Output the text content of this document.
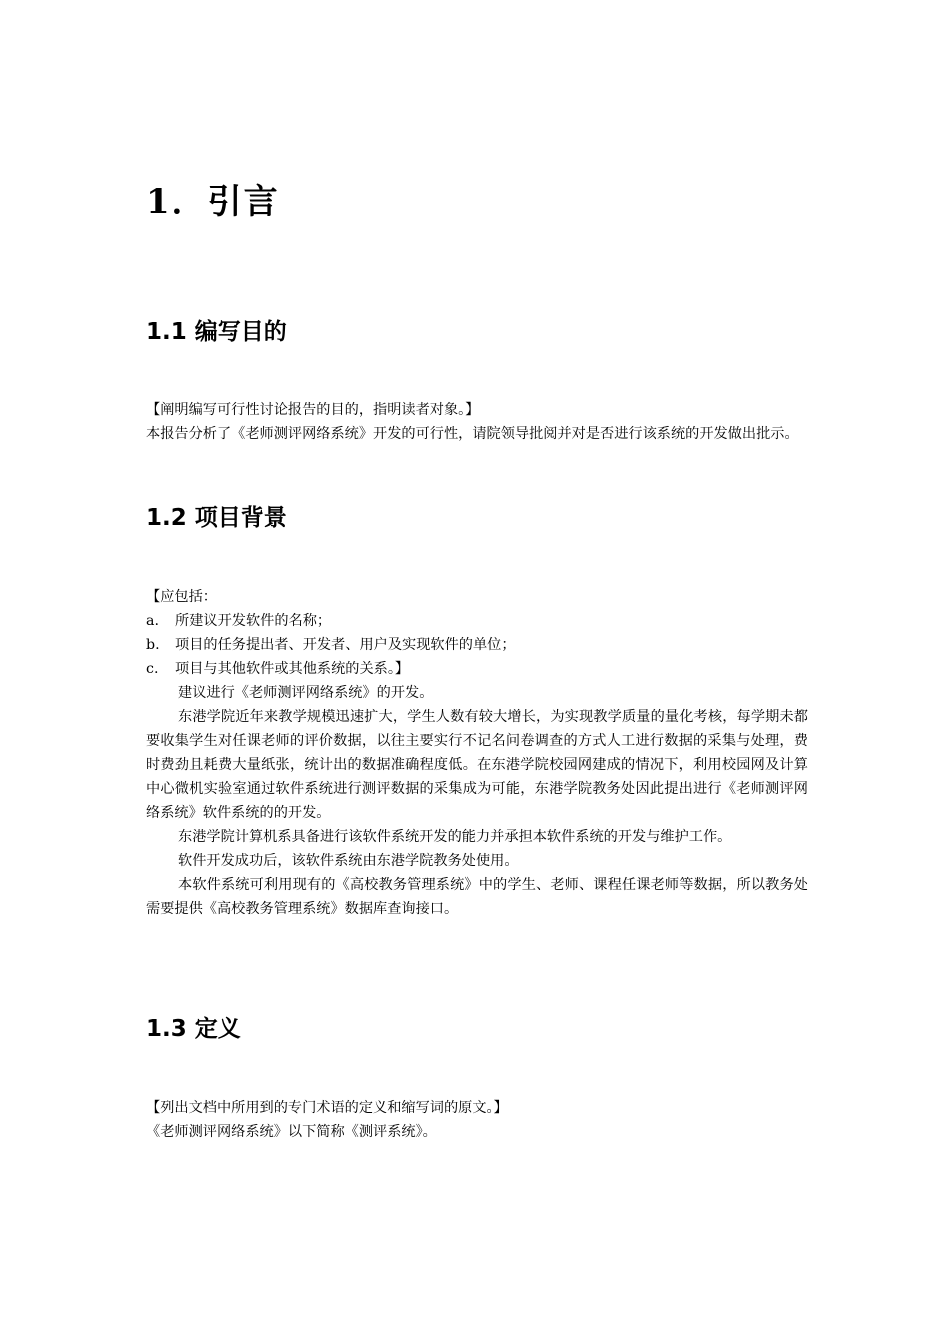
1．引言
1.1 编写目的

【阐明编写可行性讨论报告的目的，指明读者对象。】

本报告分析了《老师测评网络系统》开发的可行性，请院领导批阅并对是否进行该系统的开发做出批示。

1.2 项目背景

【应包括：

a.	所建议开发软件的名称；
b.	项目的任务提出者、开发者、用户及实现软件的单位；
c.	项目与其他软件或其他系统的关系。】

建议进行《老师测评网络系统》的开发。

东港学院近年来教学规模迅速扩大，学生人数有较大增长，为实现教学质量的量化考核，每学期未都要收集学生对任课老师的评价数据，以往主要实行不记名问卷调查的方式人工进行数据的采集与处理，费时费劲且耗费大量纸张，统计出的数据准确程度低。在东港学院校园网建成的情况下，利用校园网及计算中心微机实验室通过软件系统进行测评数据的采集成为可能，东港学院教务处因此提出进行《老师测评网络系统》软件系统的的开发。

东港学院计算机系具备进行该软件系统开发的能力并承担本软件系统的开发与维护工作。

软件开发成功后，该软件系统由东港学院教务处使用。

本软件系统可利用现有的《高校教务管理系统》中的学生、老师、课程任课老师等数据，所以教务处需要提供《高校教务管理系统》数据库查询接口。

1.3 定义

【列出文档中所用到的专门术语的定义和缩写词的原文。】

《老师测评网络系统》以下简称《测评系统》。
